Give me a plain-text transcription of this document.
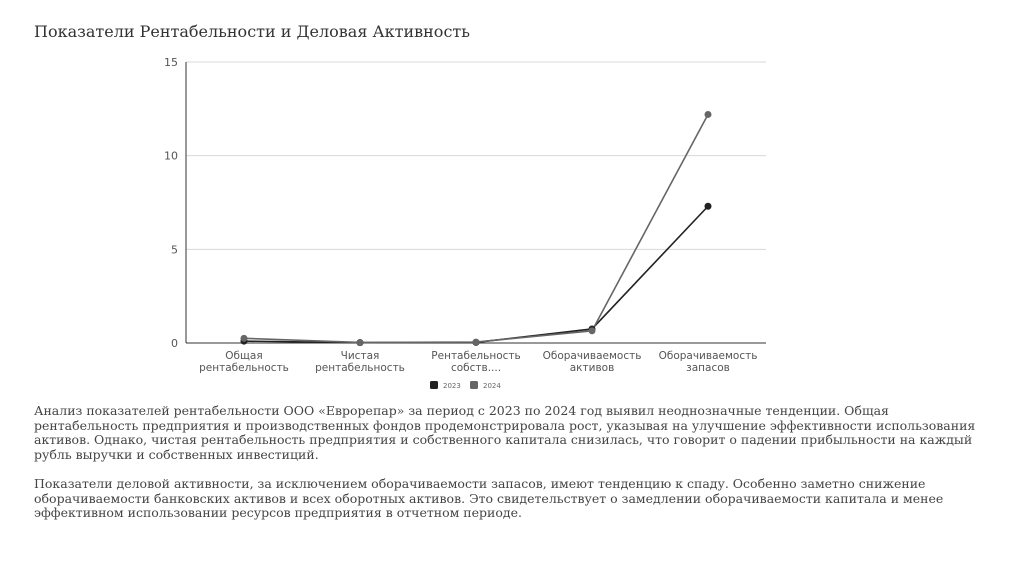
Показатели Рентабельности и Деловая Активность
0
5
10
15
Общая
рентабельность
Чистая
рентабельность
Рентабельность
собств....
Оборачиваемость
активов
Оборачиваемость
запасов
2023	2024
Анализ показателей рентабельности ООО «Еврорепар» за период с 2023 по 2024 год выявил неоднозначные тенденции. Общая рентабельность предприятия и производственных фондов продемонстрировала рост, указывая на улучшение эффективности использования активов. Однако, чистая рентабельность предприятия и собственного капитала снизилась, что говорит о падении прибыльности на каждый рубль выручки и собственных инвестиций.
Показатели деловой активности, за исключением оборачиваемости запасов, имеют тенденцию к спаду. Особенно заметно снижение оборачиваемости банковских активов и всех оборотных активов. Это свидетельствует о замедлении оборачиваемости капитала и менее эффективном использовании ресурсов предприятия в отчетном периоде.
